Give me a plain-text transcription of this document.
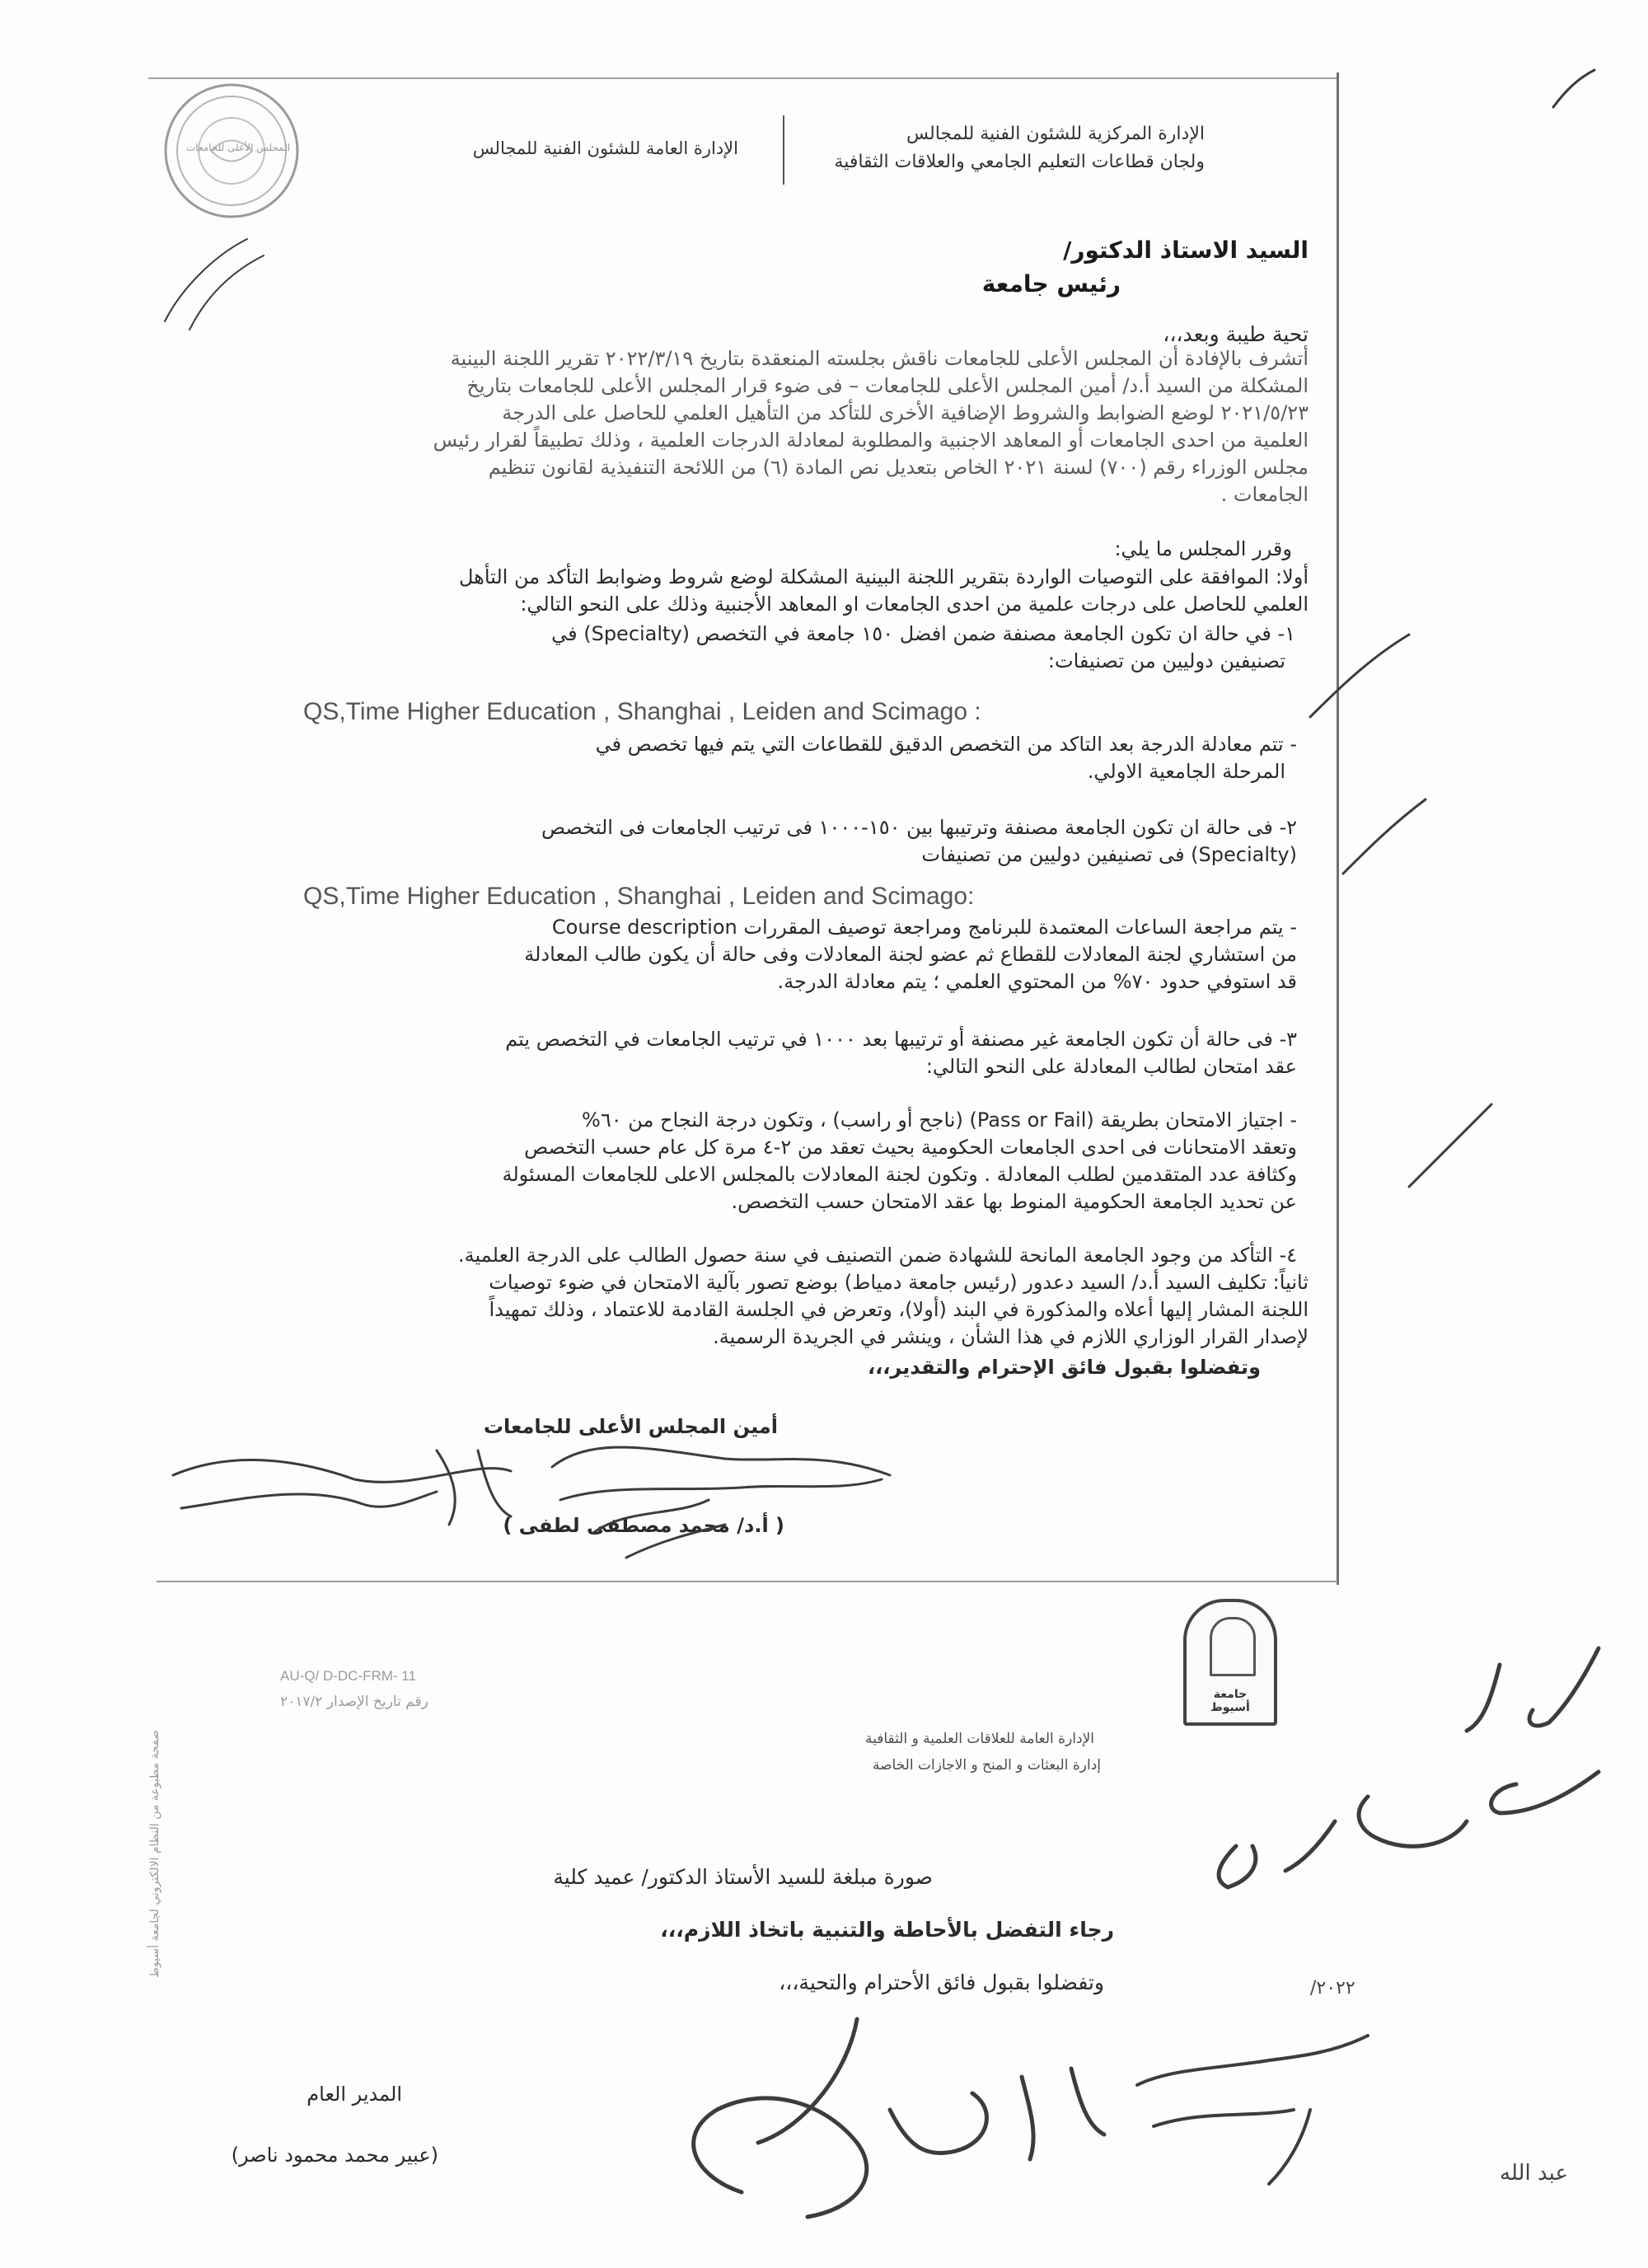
المجلس الأعلى للجامعات
الإدارة المركزية للشئون الفنية للمجالس
ولجان قطاعات التعليم الجامعي والعلاقات الثقافية
الإدارة العامة للشئون الفنية للمجالس
السيد الاستاذ الدكتور/
رئيس جامعة
تحية طيبة وبعد،،،
أتشرف بالإفادة أن المجلس الأعلى للجامعات ناقش بجلسته المنعقدة بتاريخ ٢٠٢٢/٣/١٩ تقرير اللجنة البينية
المشكلة من السيد أ.د/ أمين المجلس الأعلى للجامعات – فى ضوء قرار المجلس الأعلى للجامعات بتاريخ
٢٠٢١/٥/٢٣ لوضع الضوابط والشروط الإضافية الأخرى للتأكد من التأهيل العلمي للحاصل على الدرجة
العلمية من احدى الجامعات أو المعاهد الاجنبية والمطلوبة لمعادلة الدرجات العلمية ، وذلك تطبيقاً لقرار رئيس
مجلس الوزراء رقم (٧٠٠) لسنة ٢٠٢١ الخاص بتعديل نص المادة (٦) من اللائحة التنفيذية لقانون تنظيم
الجامعات .
وقرر المجلس ما يلي:
أولا: الموافقة على التوصيات الواردة بتقرير اللجنة البينية المشكلة لوضع شروط وضوابط التأكد من التأهل
العلمي للحاصل على درجات علمية من احدى الجامعات او المعاهد الأجنبية وذلك على النحو التالي:
١- في حالة ان تكون الجامعة مصنفة ضمن افضل ١٥٠ جامعة في التخصص (Specialty) في
تصنيفين دوليين من تصنيفات:
QS,Time Higher Education , Shanghai , Leiden and Scimago :
- تتم معادلة الدرجة بعد التاكد من التخصص الدقيق للقطاعات التي يتم فيها تخصص في
المرحلة الجامعية الاولي.
٢- فى حالة ان تكون الجامعة مصنفة وترتيبها بين ١٥٠-١٠٠٠ فى ترتيب الجامعات فى التخصص
(Specialty) فى تصنيفين دوليين من تصنيفات
QS,Time Higher Education , Shanghai , Leiden and Scimago:
- يتم مراجعة الساعات المعتمدة للبرنامج ومراجعة توصيف المقررات Course description
من استشاري لجنة المعادلات للقطاع ثم عضو لجنة المعادلات وفى حالة أن يكون طالب المعادلة
قد استوفي حدود ٧٠% من المحتوي العلمي ؛ يتم معادلة الدرجة.
٣- فى حالة أن تكون الجامعة غير مصنفة أو ترتيبها بعد ١٠٠٠ في ترتيب الجامعات في التخصص يتم
عقد امتحان لطالب المعادلة على النحو التالي:
- اجتياز الامتحان بطريقة (Pass or Fail) (ناجح أو راسب) ، وتكون درجة النجاح من ٦٠%
وتعقد الامتحانات فى احدى الجامعات الحكومية بحيث تعقد من ٢-٤ مرة كل عام حسب التخصص
وكثافة عدد المتقدمين لطلب المعادلة . وتكون لجنة المعادلات بالمجلس الاعلى للجامعات المسئولة
عن تحديد الجامعة الحكومية المنوط بها عقد الامتحان حسب التخصص.
٤- التأكد من وجود الجامعة المانحة للشهادة ضمن التصنيف في سنة حصول الطالب على الدرجة العلمية.
ثانياً: تكليف السيد أ.د/ السيد دعدور (رئيس جامعة دمياط) بوضع تصور بآلية الامتحان في ضوء توصيات
اللجنة المشار إليها أعلاه والمذكورة في البند (أولا)، وتعرض في الجلسة القادمة للاعتماد ، وذلك تمهيداً
لإصدار القرار الوزاري اللازم في هذا الشأن ، وينشر في الجريدة الرسمية.
وتفضلوا بقبول فائق الإحترام والتقدير،،،
أمين المجلس الأعلى للجامعات
( أ.د/ محمد مصطفى لطفى )
AU-Q/ D-DC-FRM- 11
رقم تاريخ الإصدار ٢٠١٧/٢	جامعة أسيوط
الإدارة العامة للعلاقات العلمية و الثقافية
إدارة البعثات و المنح و الاجازات الخاصة
صورة مبلغة للسيد الأستاذ الدكتور/ عميد كلية
رجاء التفضل بالأحاطة والتنبية باتخاذ اللازم،،،
وتفضلوا بقبول فائق الأحترام والتحية،،،
المدير العام
(عبير محمد محمود ناصر)
صفحة مطبوعة من النظام الالكتروني لجامعة أسيوط
٢٠٢٢/
عبد الله
